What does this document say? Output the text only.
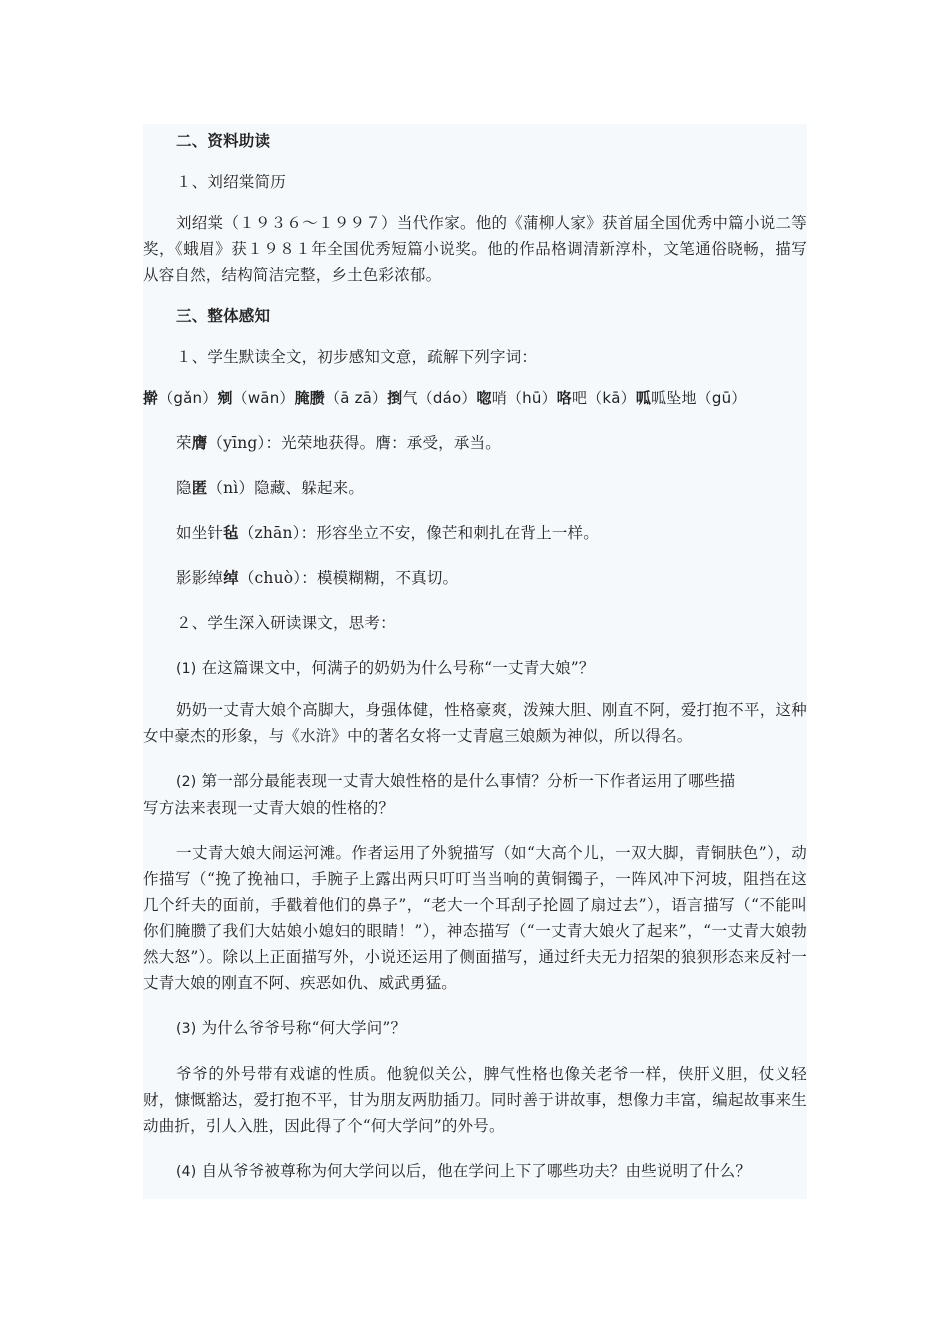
二、资料助读

１、刘绍棠简历

刘绍棠（１９３６～１９９７）当代作家。他的《蒲柳人家》获首届全国优秀中篇小说二等奖，《蛾眉》获１９８１年全国优秀短篇小说奖。他的作品格调清新淳朴，文笔通俗晓畅，描写从容自然，结构简洁完整，乡土色彩浓郁。

三、整体感知

１、学生默读全文，初步感知文意，疏解下列字词：

擀（gǎn）剜（wān）腌臜（ā zā）捯气（dáo）唿哨（hū）咯吧（kā）呱呱坠地（gū）

荣膺（yīng）：光荣地获得。膺：承受，承当。

隐匿（nì）隐藏、躲起来。

如坐针毡（zhān）：形容坐立不安，像芒和刺扎在背上一样。

影影绰绰（chuò）：模模糊糊，不真切。

２、学生深入研读课文，思考：

(1) 在这篇课文中，何满子的奶奶为什么号称“一丈青大娘”？

奶奶一丈青大娘个高脚大，身强体健，性格豪爽，泼辣大胆、刚直不阿，爱打抱不平，这种女中豪杰的形象，与《水浒》中的著名女将一丈青扈三娘颇为神似，所以得名。

(2) 第一部分最能表现一丈青大娘性格的是什么事情？分析一下作者运用了哪些描
写方法来表现一丈青大娘的性格的？

一丈青大娘大闹运河滩。作者运用了外貌描写（如“大高个儿，一双大脚，青铜肤色”），动作描写（“挽了挽袖口，手腕子上露出两只叮叮当当响的黄铜镯子，一阵风冲下河坡，阻挡在这几个纤夫的面前，手戳着他们的鼻子”，“老大一个耳刮子抡圆了扇过去”），语言描写（“不能叫你们腌臜了我们大姑娘小媳妇的眼睛！”），神态描写（“一丈青大娘火了起来”，“一丈青大娘勃然大怒”）。除以上正面描写外，小说还运用了侧面描写，通过纤夫无力招架的狼狈形态来反衬一丈青大娘的刚直不阿、疾恶如仇、威武勇猛。

(3) 为什么爷爷号称“何大学问”？

爷爷的外号带有戏谑的性质。他貌似关公，脾气性格也像关老爷一样，侠肝义胆，仗义轻财，慷慨豁达，爱打抱不平，甘为朋友两肋插刀。同时善于讲故事，想像力丰富，编起故事来生动曲折，引人入胜，因此得了个“何大学问”的外号。

(4) 自从爷爷被尊称为何大学问以后，他在学问上下了哪些功夫？由些说明了什么？
